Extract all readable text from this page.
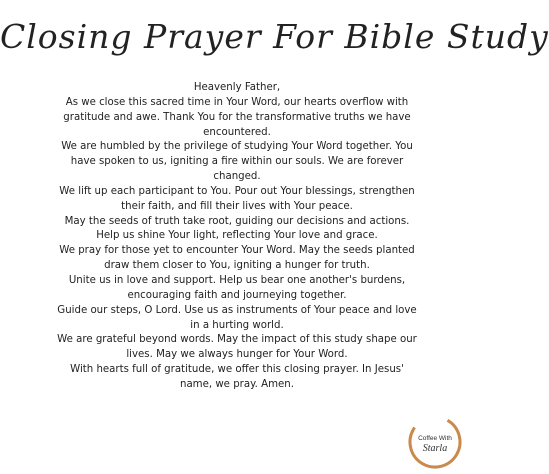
Closing Prayer For Bible Study
Heavenly Father,
As we close this sacred time in Your Word, our hearts overflow with
gratitude and awe. Thank You for the transformative truths we have
encountered.
We are humbled by the privilege of studying Your Word together. You
have spoken to us, igniting a fire within our souls. We are forever
changed.
We lift up each participant to You. Pour out Your blessings, strengthen
their faith, and fill their lives with Your peace.
May the seeds of truth take root, guiding our decisions and actions.
Help us shine Your light, reflecting Your love and grace.
We pray for those yet to encounter Your Word. May the seeds planted
draw them closer to You, igniting a hunger for truth.
Unite us in love and support. Help us bear one another's burdens,
encouraging faith and journeying together.
Guide our steps, O Lord. Use us as instruments of Your peace and love
in a hurting world.
We are grateful beyond words. May the impact of this study shape our
lives. May we always hunger for Your Word.
With hearts full of gratitude, we offer this closing prayer. In Jesus'
name, we pray. Amen.
Coffee With
Starla
